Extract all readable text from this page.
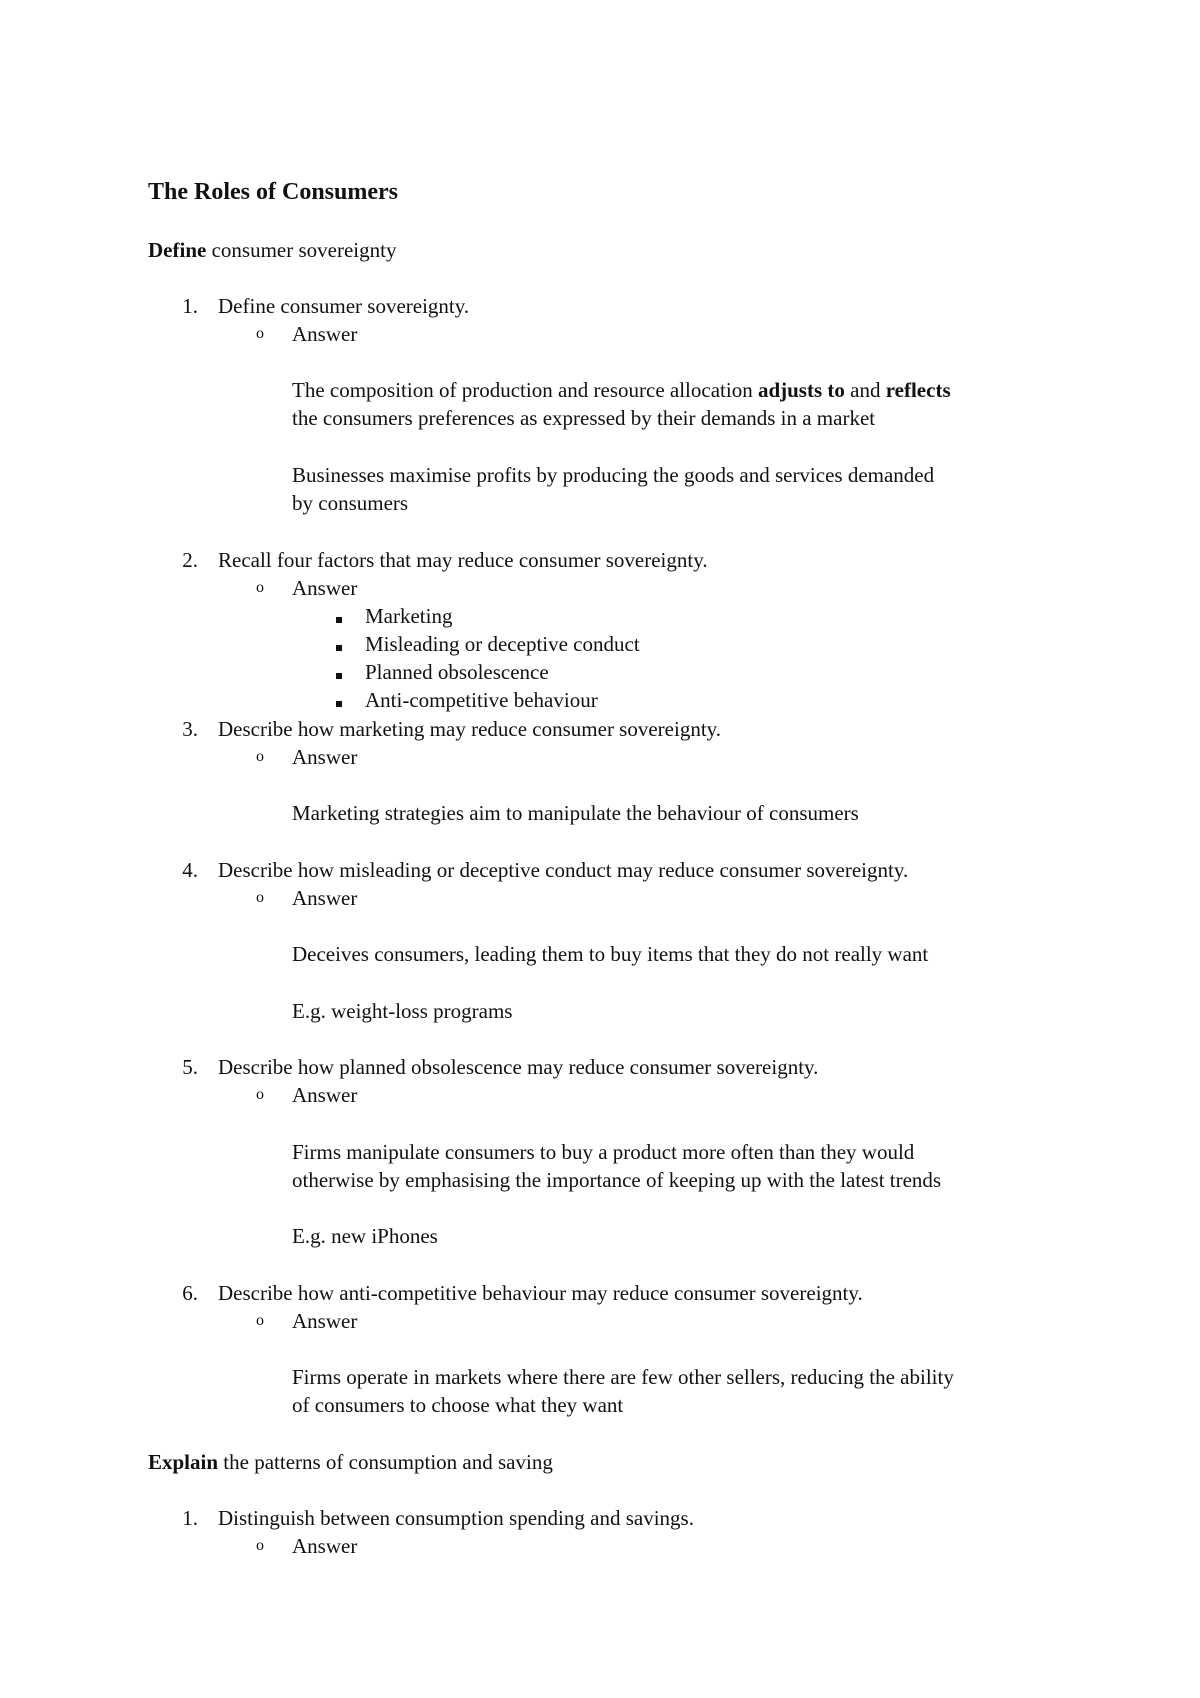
The Roles of Consumers
Define consumer sovereignty
1. Define consumer sovereignty.
o Answer
The composition of production and resource allocation adjusts to and reflects
the consumers preferences as expressed by their demands in a market
Businesses maximise profits by producing the goods and services demanded
by consumers
2. Recall four factors that may reduce consumer sovereignty.
o Answer
Marketing
Misleading or deceptive conduct
Planned obsolescence
Anti-competitive behaviour
3. Describe how marketing may reduce consumer sovereignty.
o Answer
Marketing strategies aim to manipulate the behaviour of consumers
4. Describe how misleading or deceptive conduct may reduce consumer sovereignty.
o Answer
Deceives consumers, leading them to buy items that they do not really want
E.g. weight-loss programs
5. Describe how planned obsolescence may reduce consumer sovereignty.
o Answer
Firms manipulate consumers to buy a product more often than they would
otherwise by emphasising the importance of keeping up with the latest trends
E.g. new iPhones
6. Describe how anti-competitive behaviour may reduce consumer sovereignty.
o Answer
Firms operate in markets where there are few other sellers, reducing the ability
of consumers to choose what they want
Explain the patterns of consumption and saving
1. Distinguish between consumption spending and savings.
o Answer
